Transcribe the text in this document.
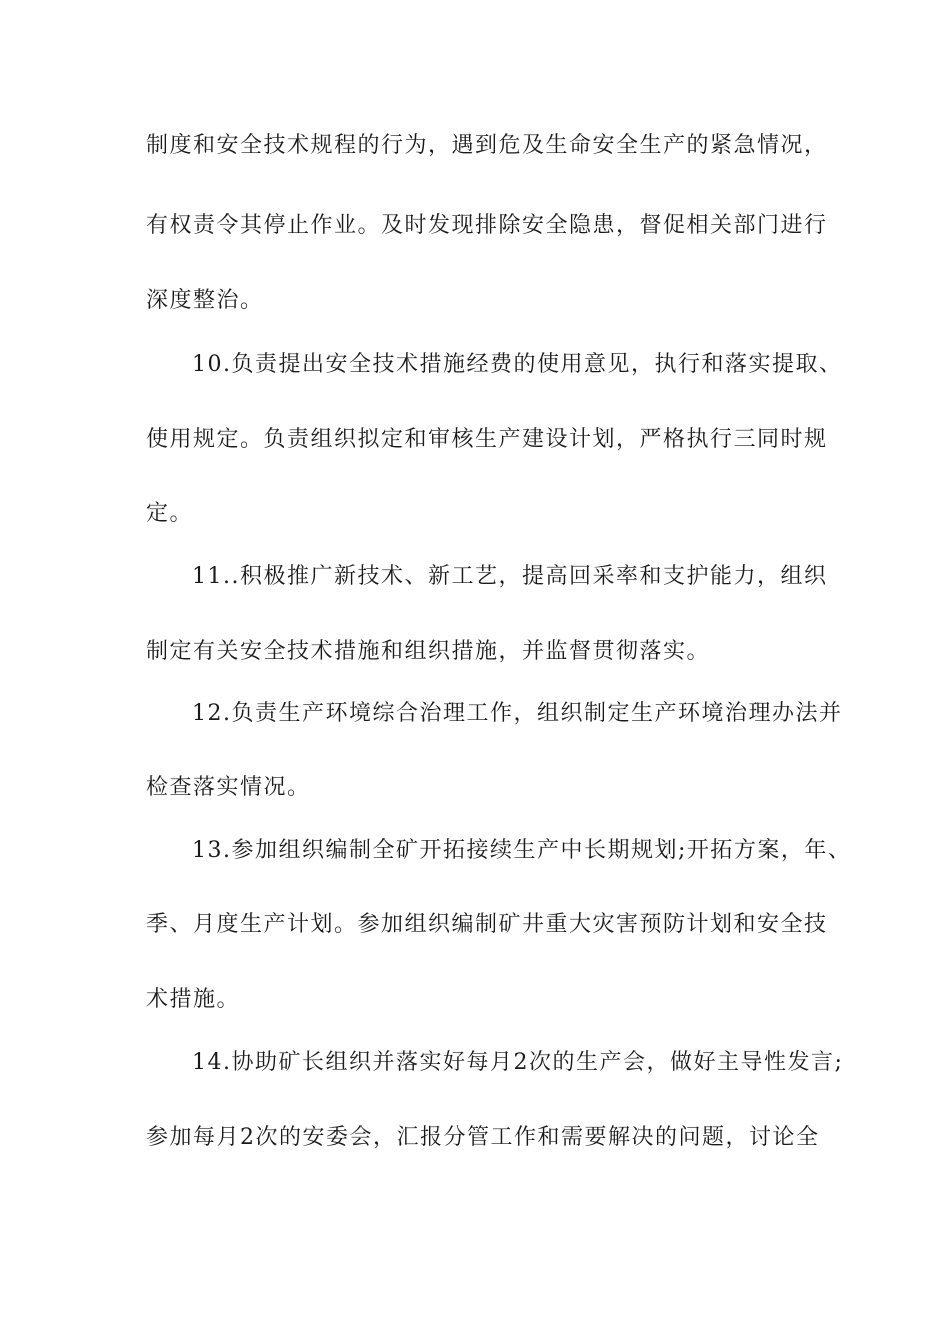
制度和安全技术规程的行为，遇到危及生命安全生产的紧急情况，
有权责令其停止作业。及时发现排除安全隐患，督促相关部门进行
深度整治。
10.负责提出安全技术措施经费的使用意见，执行和落实提取、
使用规定。负责组织拟定和审核生产建设计划，严格执行三同时规
定。
11..积极推广新技术、新工艺，提高回采率和支护能力，组织
制定有关安全技术措施和组织措施，并监督贯彻落实。
12.负责生产环境综合治理工作，组织制定生产环境治理办法并
检查落实情况。
13.参加组织编制全矿开拓接续生产中长期规划;开拓方案，年、
季、月度生产计划。参加组织编制矿井重大灾害预防计划和安全技
术措施。
14.协助矿长组织并落实好每月2次的生产会，做好主导性发言;
参加每月2次的安委会，汇报分管工作和需要解决的问题，讨论全
